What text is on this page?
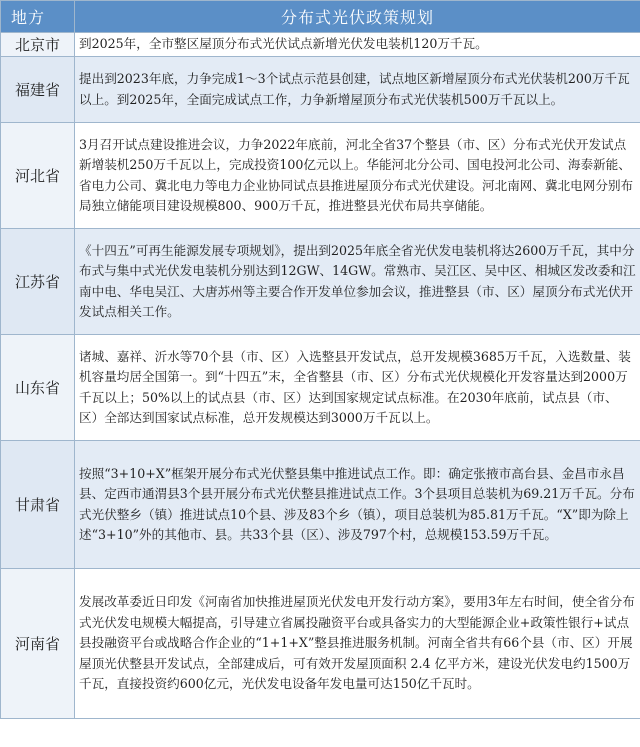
地方	分布式光伏政策规划
北京市	到2025年，全市整区屋顶分布式光伏试点新增光伏发电装机120万千瓦。
福建省	提出到2023年底，力争完成1～3个试点示范县创建，试点地区新增屋顶分布式光伏装机200万千瓦以上。到2025年，全面完成试点工作，力争新增屋顶分布式光伏装机500万千瓦以上。
河北省	3月召开试点建设推进会议，力争2022年底前，河北全省37个整县（市、区）分布式光伏开发试点新增装机250万千瓦以上，完成投资100亿元以上。华能河北分公司、国电投河北公司、海泰新能、省电力公司、冀北电力等电力企业协同试点县推进屋顶分布式光伏建设。河北南网、冀北电网分别布局独立储能项目建设规模800、900万千瓦，推进整县光伏布局共享储能。
江苏省	《十四五”可再生能源发展专项规划》，提出到2025年底全省光伏发电装机将达2600万千瓦，其中分布式与集中式光伏发电装机分别达到12GW、14GW。常熟市、吴江区、吴中区、相城区发改委和江南中电、华电吴江、大唐苏州等主要合作开发单位参加会议，推进整县（市、区）屋顶分布式光伏开发试点相关工作。
山东省	诸城、嘉祥、沂水等70个县（市、区）入选整县开发试点，总开发规模3685万千瓦，入选数量、装机容量均居全国第一。到“十四五”末，全省整县（市、区）分布式光伏规模化开发容量达到2000万千瓦以上；50%以上的试点县（市、区）达到国家规定试点标准。在2030年底前，试点县（市、区）全部达到国家试点标准，总开发规模达到3000万千瓦以上。
甘肃省	按照“3+10+X”框架开展分布式光伏整县集中推进试点工作。即：确定张掖市高台县、金昌市永昌县、定西市通渭县3个县开展分布式光伏整县推进试点工作。3个县项目总装机为69.21万千瓦。分布式光伏整乡（镇）推进试点10个县、涉及83个乡（镇），项目总装机为85.81万千瓦。“X”即为除上述“3+10”外的其他市、县。共33个县（区）、涉及797个村，总规模153.59万千瓦。
河南省	发展改革委近日印发《河南省加快推进屋顶光伏发电开发行动方案》，要用3年左右时间，使全省分布式光伏发电规模大幅提高，引导建立省属投融资平台或具备实力的大型能源企业+政策性银行+试点县投融资平台或战略合作企业的“1+1+X”整县推进服务机制。河南全省共有66个县（市、区）开展屋顶光伏整县开发试点，全部建成后，可有效开发屋顶面积 2.4 亿平方米，建设光伏发电约1500万千瓦，直接投资约600亿元，光伏发电设备年发电量可达150亿千瓦时。
